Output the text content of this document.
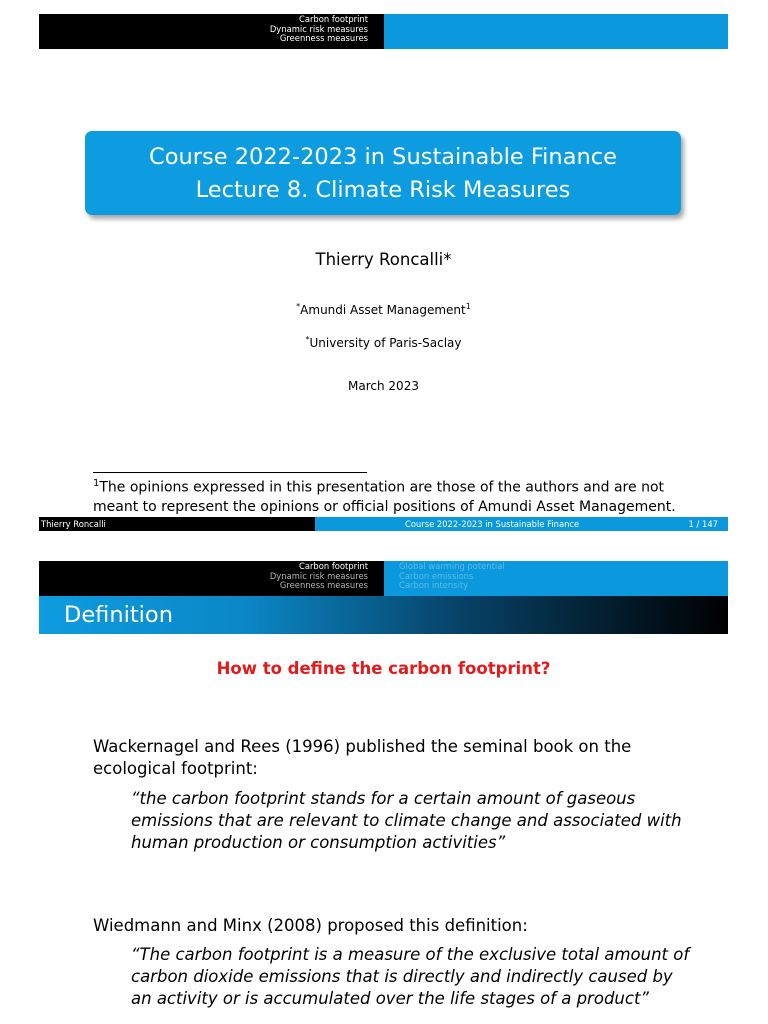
Carbon footprint
Dynamic risk measures
Greenness measures
Course 2022-2023 in Sustainable Finance
Lecture 8. Climate Risk Measures
Thierry Roncalli*
*Amundi Asset Management$^1$
*University of Paris-Saclay
March 2023
$^1$The opinions expressed in this presentation are those of the authors and are not meant to represent the opinions or official positions of Amundi Asset Management.
Thierry Roncalli	Course 2022-2023 in Sustainable Finance	1 / 147
Carbon footprint
Dynamic risk measures
Greenness measures
Global warming potential
Carbon emissions
Carbon intensity
Definition
How to define the carbon footprint?
Wackernagel and Rees (1996) published the seminal book on the ecological footprint:
“the carbon footprint stands for a certain amount of gaseous emissions that are relevant to climate change and associated with human production or consumption activities”
Wiedmann and Minx (2008) proposed this definition:
“The carbon footprint is a measure of the exclusive total amount of carbon dioxide emissions that is directly and indirectly caused by an activity or is accumulated over the life stages of a product”
